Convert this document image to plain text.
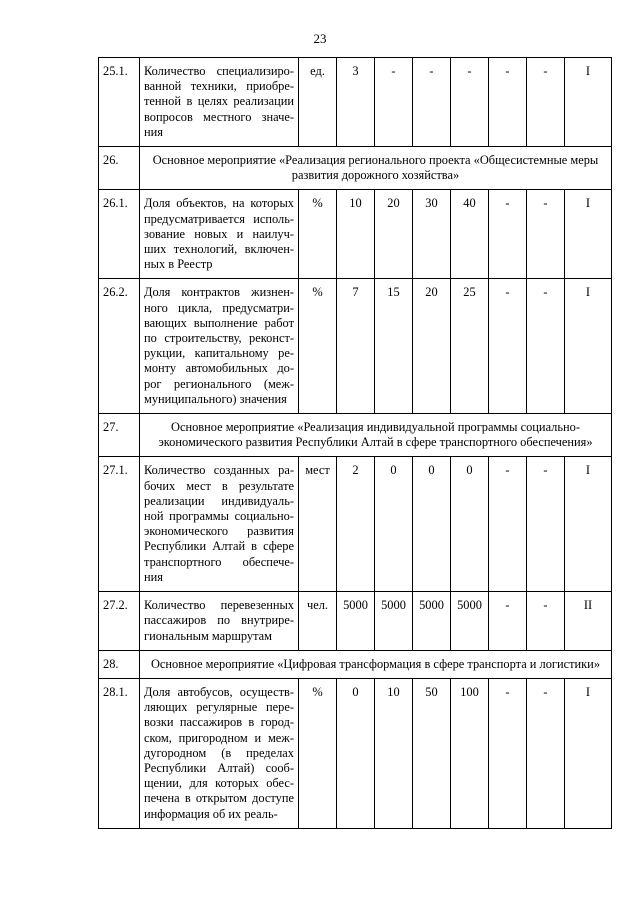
23
25.1.	Количество специализиро-ванной техники, приобре-тенной в целях реализации вопросов местного значе-ния	ед.	3	-	-	-	-	-	I
26.	Основное мероприятие «Реализация регионального проекта «Общесистемные меры развития дорожного хозяйства»								
26.1.	Доля объектов, на которых предусматривается исполь-зование новых и наилуч-ших технологий, включен-ных в Реестр	%	10	20	30	40	-	-	I
26.2.	Доля контрактов жизнен-ного цикла, предусматри-вающих выполнение работ по строительству, реконст-рукции, капитальному ре-монту автомобильных до-рог регионального (меж-муниципального) значения	%	7	15	20	25	-	-	I
27.	Основное мероприятие «Реализация индивидуальной программы социально-экономического развития Республики Алтай в сфере транспортного обеспечения»								
27.1.	Количество созданных ра-бочих мест в результате реализации индивидуаль-ной программы социально-экономического развития Республики Алтай в сфере транспортного обеспече-ния	мест	2	0	0	0	-	-	I
27.2.	Количество перевезенных пассажиров по внутрире-гиональным маршрутам	чел.	5000	5000	5000	5000	-	-	II
28.	Основное мероприятие «Цифровая трансформация в сфере транспорта и логистики»								
28.1.	Доля автобусов, осуществ-ляющих регулярные пере-возки пассажиров в город-ском, пригородном и меж-дугородном (в пределах Республики Алтай) сооб-щении, для которых обес-печена в открытом доступе информация об их реаль-	%	0	10	50	100	-	-	I
